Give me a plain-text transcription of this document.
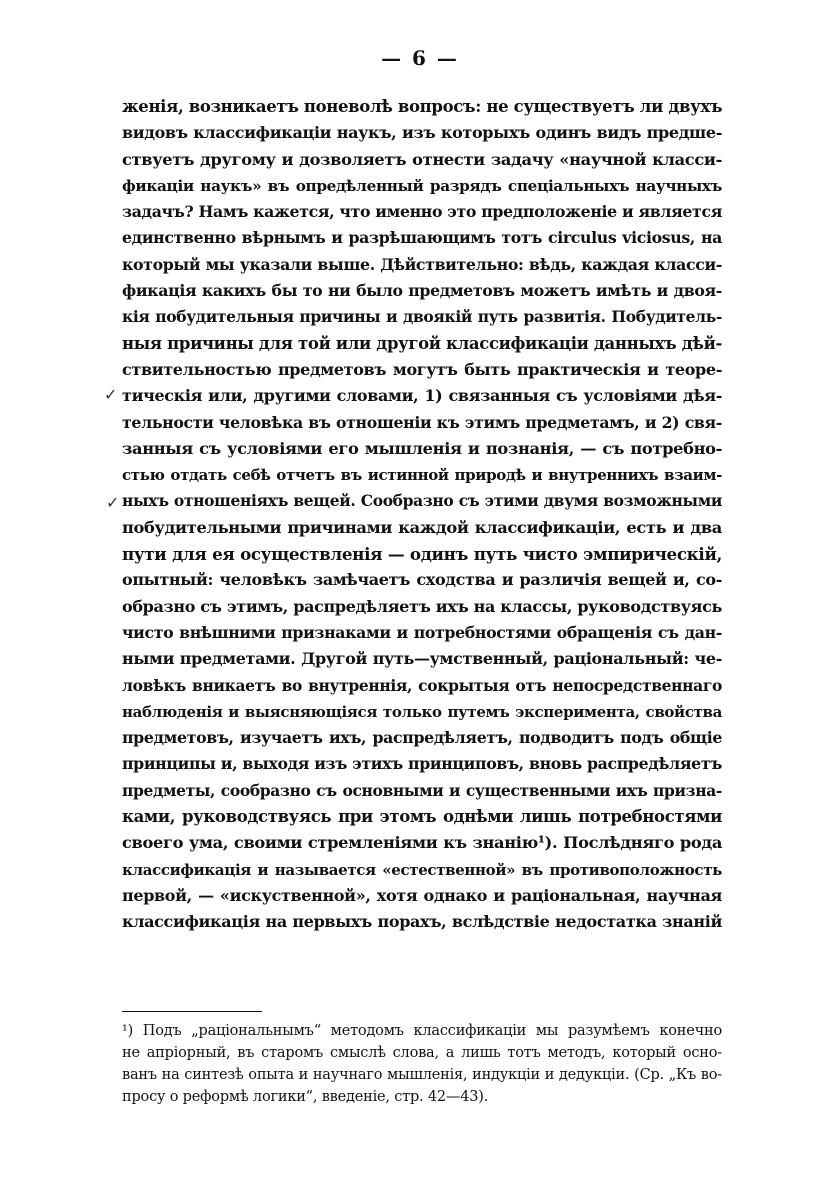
— 6 —
✓
✓
женія, возникаетъ поневолѣ вопросъ: не существуетъ ли двухъ
видовъ классификаціи наукъ, изъ которыхъ одинъ видъ предше-
ствуетъ другому и дозволяетъ отнести задачу «научной класси-
фикаціи наукъ» въ опредѣленный разрядъ спеціальныхъ научныхъ
задачъ? Намъ кажется, что именно это предположеніе и является
единственно вѣрнымъ и разрѣшающимъ тотъ circulus viciosus, на
который мы указали выше. Дѣйствительно: вѣдь, каждая класси-
фикація какихъ бы то ни было предметовъ можетъ имѣть и двоя-
кія побудительныя причины и двоякій путь развитія. Побудитель-
ныя причины для той или другой классификаціи данныхъ дѣй-
ствительностью предметовъ могутъ быть практическія и теоре-
тическія или, другими словами, 1) связанныя съ условіями дѣя-
тельности человѣка въ отношеніи къ этимъ предметамъ, и 2) свя-
занныя съ условіями его мышленія и познанія, — съ потребно-
стью отдать себѣ отчетъ въ истинной природѣ и внутреннихъ взаим-
ныхъ отношеніяхъ вещей. Сообразно съ этими двумя возможными
побудительными причинами каждой классификаціи, есть и два
пути для ея осуществленія — одинъ путь чисто эмпирическій,
опытный: человѣкъ замѣчаетъ сходства и различія вещей и, со-
образно съ этимъ, распредѣляетъ ихъ на классы, руководствуясь
чисто внѣшними признаками и потребностями обращенія съ дан-
ными предметами. Другой путь—умственный, раціональный: че-
ловѣкъ вникаетъ во внутреннія, сокрытыя отъ непосредственнаго
наблюденія и выясняющіяся только путемъ эксперимента, свойства
предметовъ, изучаетъ ихъ, распредѣляетъ, подводитъ подъ общіе
принципы и, выходя изъ этихъ принциповъ, вновь распредѣляетъ
предметы, сообразно съ основными и существенными ихъ призна-
ками, руководствуясь при этомъ однѣми лишь потребностями
своего ума, своими стремленіями къ знанію¹). Послѣдняго рода
классификація и называется «естественной» въ противоположность
первой, — «искуственной», хотя однако и раціональная, научная
классификація на первыхъ порахъ, вслѣдствіе недостатка знаній
¹) Подъ „раціональнымъ“ методомъ классификаціи мы разумѣемъ конечно
не апріорный, въ старомъ смыслѣ слова, а лишь тотъ методъ, который осно-
ванъ на синтезѣ опыта и научнаго мышленія, индукціи и дедукціи. (Ср. „Къ во-
просу о реформѣ логики“, введеніе, стр. 42—43).
